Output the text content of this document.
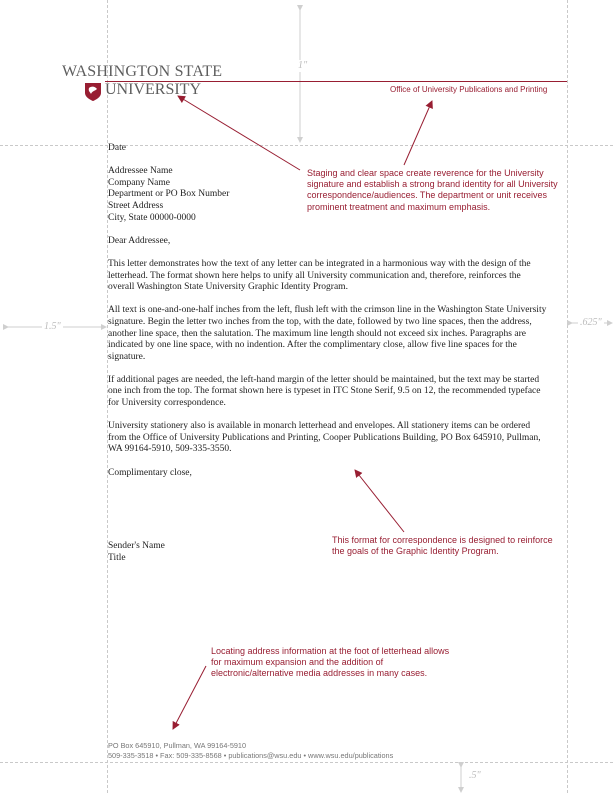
1"
1.5"	.625"
.5"
WASHINGTON STATE
UNIVERSITY	Office of University Publications and Printing

Date

Addressee Name

Company Name

Department or PO Box Number

Street Address

City, State 00000-0000

Dear Addressee,

This letter demonstrates how the text of any letter can be integrated in a harmonious way with the design of the letterhead. The format shown here helps to unify all University communication and, therefore, reinforces the overall Washington State University Graphic Identity Program.

All text is one-and-one-half inches from the left, flush left with the crimson line in the Washington State University signature. Begin the letter two inches from the top, with the date, followed by two line spaces, then the address, another line space, then the salutation. The maximum line length should not exceed six inches. Paragraphs are indicated by one line space, with no indention. After the complimentary close, allow five line spaces for the signature.

If additional pages are needed, the left-hand margin of the letter should be maintained, but the text may be started one inch from the top. The format shown here is typeset in ITC Stone Serif, 9.5 on 12, the recommended typeface for University correspondence.

University stationery also is available in monarch letterhead and envelopes. All stationery items can be ordered from the Office of University Publications and Printing, Cooper Publications Building, PO Box 645910, Pullman, WA 99164-5910, 509-335-3550.

Complimentary close,

Sender's Name

Title

Staging and clear space create reverence for the University signature and establish a strong brand identity for all University correspondence/audiences. The department or unit receives prominent treatment and maximum emphasis.
This format for correspondence is designed to reinforce the goals of the Graphic Identity Program.
Locating address information at the foot of letterhead allows for maximum expansion and the addition of electronic/alternative media addresses in many cases.
PO Box 645910, Pullman, WA 99164-5910
509-335-3518 • Fax: 509-335-8568 • publications@wsu.edu • www.wsu.edu/publications
